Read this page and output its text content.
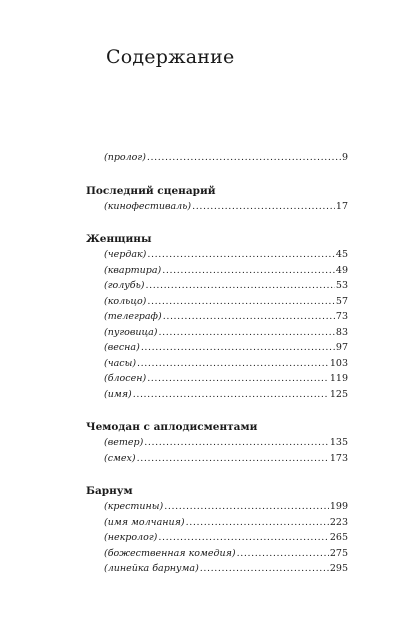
Содержание
(пролог) .....	9
Последний сценарий
(кинофестиваль) .....	17
Женщины
(чердак) .....	45
(квартира) .....	49
(голубь) .....	53
(кольцо) .....	57
(телеграф) .....	73
(пуговица) .....	83
(весна) .....	97
(часы) .....	103
(блосен) .....	119
(имя) .....	125
Чемодан с аплодисментами
(ветер) .....	135
(смех) .....	173
Барнум
(крестины) .....	199
(имя молчания) .....	223
(некролог) .....	265
(божественная комедия) .....	275
(линейка барнума) .....	295
